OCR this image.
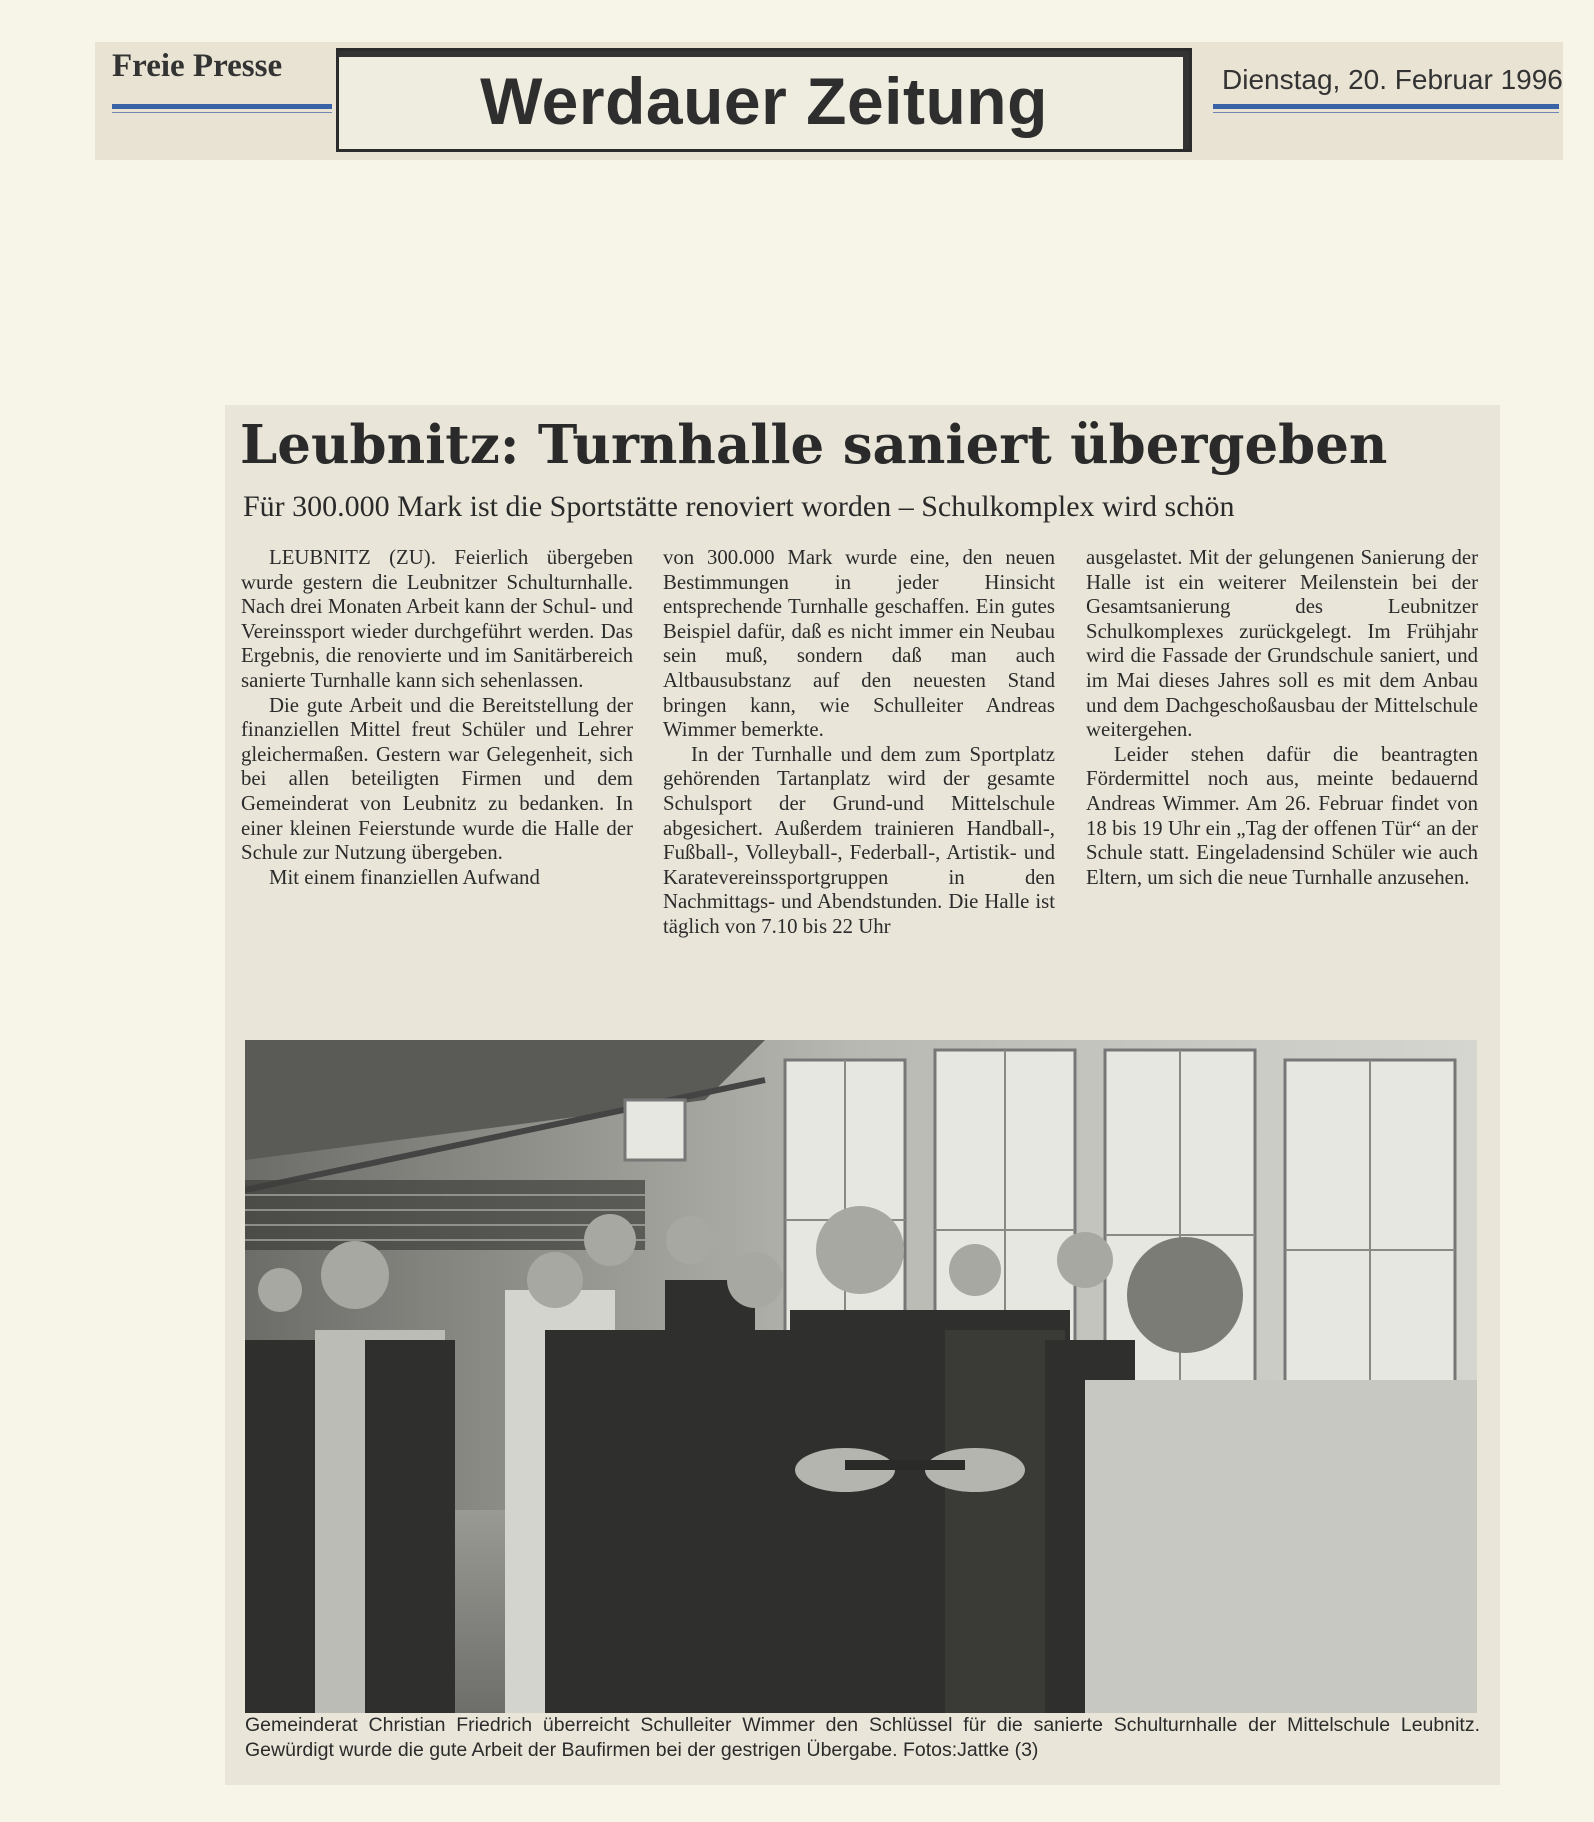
Freie Presse	Werdauer Zeitung	Dienstag, 20. Februar 1996
Leubnitz: Turnhalle saniert übergeben
Für 300.000 Mark ist die Sportstätte renoviert worden – Schulkomplex wird schön

LEUBNITZ (ZU). Feierlich übergeben wurde gestern die Leubnitzer Schulturnhalle. Nach drei Monaten Arbeit kann der Schul- und Vereinssport wieder durchgeführt werden. Das Ergebnis, die renovierte und im Sanitärbereich sanierte Turnhalle kann sich sehenlassen.

Die gute Arbeit und die Bereitstellung der finanziellen Mittel freut Schüler und Lehrer gleichermaßen. Gestern war Gelegenheit, sich bei allen beteiligten Firmen und dem Gemeinderat von Leubnitz zu bedanken. In einer kleinen Feierstunde wurde die Halle der Schule zur Nutzung übergeben.

Mit einem finanziellen Aufwand

von 300.000 Mark wurde eine, den neuen Bestimmungen in jeder Hinsicht entsprechende Turnhalle geschaffen. Ein gutes Beispiel dafür, daß es nicht immer ein Neubau sein muß, sondern daß man auch Altbausubstanz auf den neuesten Stand bringen kann, wie Schulleiter Andreas Wimmer bemerkte.

In der Turnhalle und dem zum Sportplatz gehörenden Tartanplatz wird der gesamte Schulsport der Grund-und Mittelschule abgesichert. Außerdem trainieren Handball-, Fußball-, Volleyball-, Federball-, Artistik- und Karatevereinssportgruppen in den Nachmittags- und Abendstunden. Die Halle ist täglich von 7.10 bis 22 Uhr

ausgelastet. Mit der gelungenen Sanierung der Halle ist ein weiterer Meilenstein bei der Gesamtsanierung des Leubnitzer Schulkomplexes zurückgelegt. Im Frühjahr wird die Fassade der Grundschule saniert, und im Mai dieses Jahres soll es mit dem Anbau und dem Dachgeschoßausbau der Mittelschule weitergehen.

Leider stehen dafür die beantragten Fördermittel noch aus, meinte bedauernd Andreas Wimmer. Am 26. Februar findet von 18 bis 19 Uhr ein „Tag der offenen Tür“ an der Schule statt. Eingeladensind Schüler wie auch Eltern, um sich die neue Turnhalle anzusehen.

Gemeinderat Christian Friedrich überreicht Schulleiter Wimmer den Schlüssel für die sanierte Schulturnhalle der Mittelschule Leubnitz. Gewürdigt wurde die gute Arbeit der Baufirmen bei der gestrigen Übergabe. Fotos:Jattke (3)
